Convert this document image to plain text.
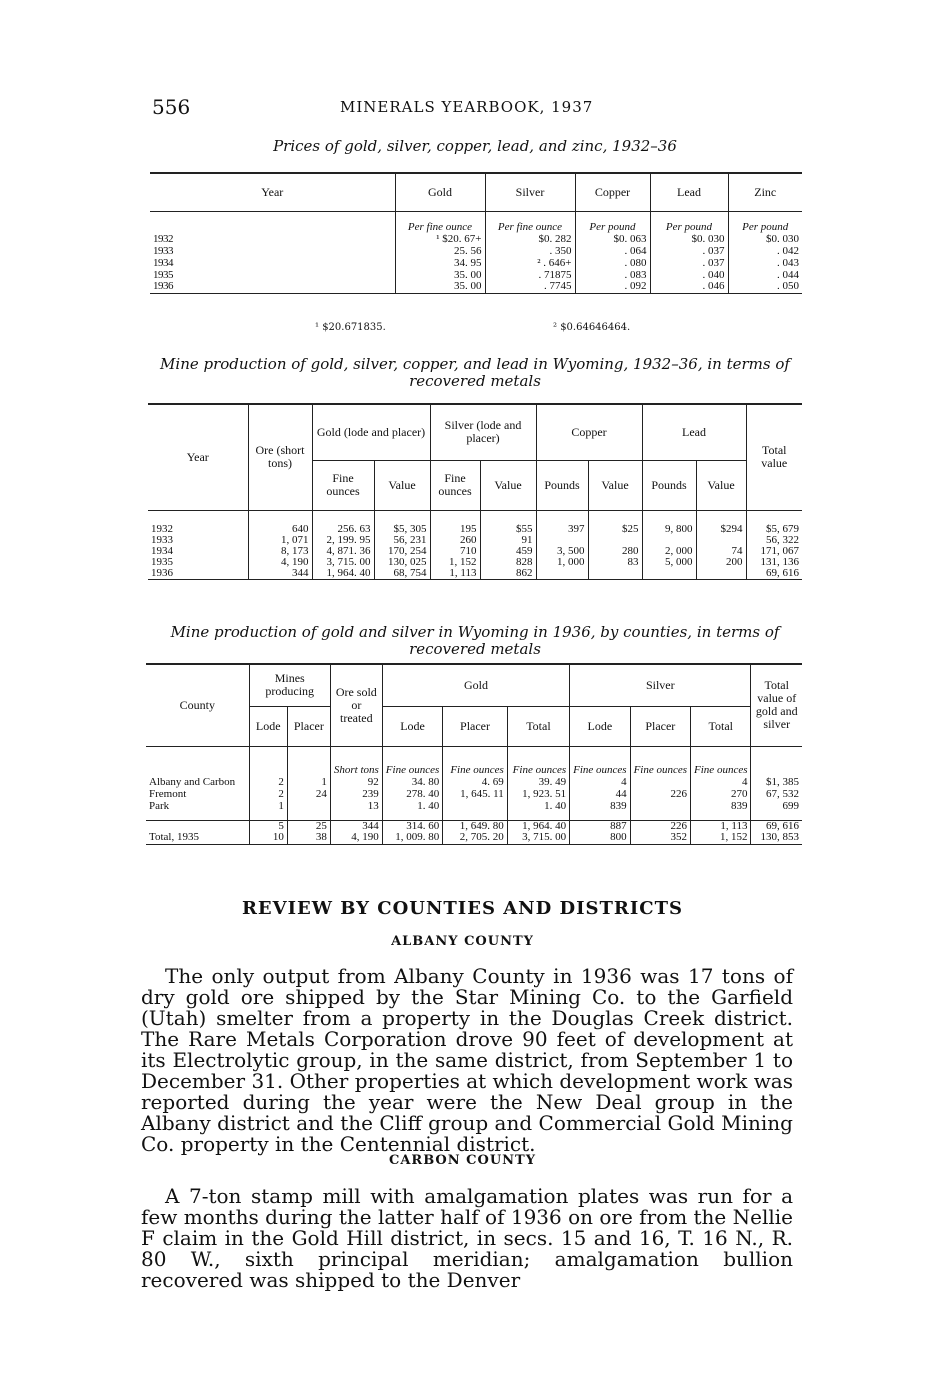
556	MINERALS YEARBOOK, 1937
Prices of gold, silver, copper, lead, and zinc, 1932–36
Year	Gold	Silver	Copper	Lead	Zinc
	Per fine ounce	Per fine ounce	Per pound	Per pound	Per pound
1932	¹ $20. 67+	$0. 282	$0. 063	$0. 030	$0. 030
1933	25. 56	. 350	. 064	. 037	. 042
1934	34. 95	² . 646+	. 080	. 037	. 043
1935	35. 00	. 71875	. 083	. 040	. 044
1936	35. 00	. 7745	. 092	. 046	. 050

¹ $20.671835.	² $0.64646464.
Mine production of gold, silver, copper, and lead in Wyoming, 1932–36, in terms of recovered metals
Year	Ore (short tons)	Gold (lode and placer)		Silver (lode and placer)		Copper		Lead		Total value
		Fine ounces	Value	Fine ounces	Value	Pounds	Value	Pounds	Value	

1932	640	256. 63	$5, 305	195	$55	397	$25	9, 800	$294	$5, 679
1933	1, 071	2, 199. 95	56, 231	260	91					56, 322
1934	8, 173	4, 871. 36	170, 254	710	459	3, 500	280	2, 000	74	171, 067
1935	4, 190	3, 715. 00	130, 025	1, 152	828	1, 000	83	5, 000	200	131, 136
1936	344	1, 964. 40	68, 754	1, 113	862					69, 616

Mine production of gold and silver in Wyoming in 1936, by counties, in terms of recovered metals
County	Mines producing		Ore sold or treated	Gold			Silver			Total value of gold and silver
	Lode	Placer		Lode	Placer	Total	Lode	Placer	Total	
			Short tons	Fine ounces	Fine ounces	Fine ounces	Fine ounces	Fine ounces	Fine ounces	
Albany and Carbon	2	1	92	34. 80	4. 69	39. 49	4		4	$1, 385
Fremont	2	24	239	278. 40	1, 645. 11	1, 923. 51	44	226	270	67, 532
Park	1		13	1. 40		1. 40	839		839	699

	5	25	344	314. 60	1, 649. 80	1, 964. 40	887	226	1, 113	69, 616
Total, 1935	10	38	4, 190	1, 009. 80	2, 705. 20	3, 715. 00	800	352	1, 152	130, 853

REVIEW BY COUNTIES AND DISTRICTS
ALBANY COUNTY
The only output from Albany County in 1936 was 17 tons of dry gold ore shipped by the Star Mining Co. to the Garfield (Utah) smelter from a property in the Douglas Creek district. The Rare Metals Corporation drove 90 feet of development at its Electrolytic group, in the same district, from September 1 to December 31. Other properties at which development work was reported during the year were the New Deal group in the Albany district and the Cliff group and Commercial Gold Mining Co. property in the Centennial district.
CARBON COUNTY
A 7-ton stamp mill with amalgamation plates was run for a few months during the latter half of 1936 on ore from the Nellie F claim in the Gold Hill district, in secs. 15 and 16, T. 16 N., R. 80 W., sixth principal meridian; amalgamation bullion recovered was shipped to the Denver
